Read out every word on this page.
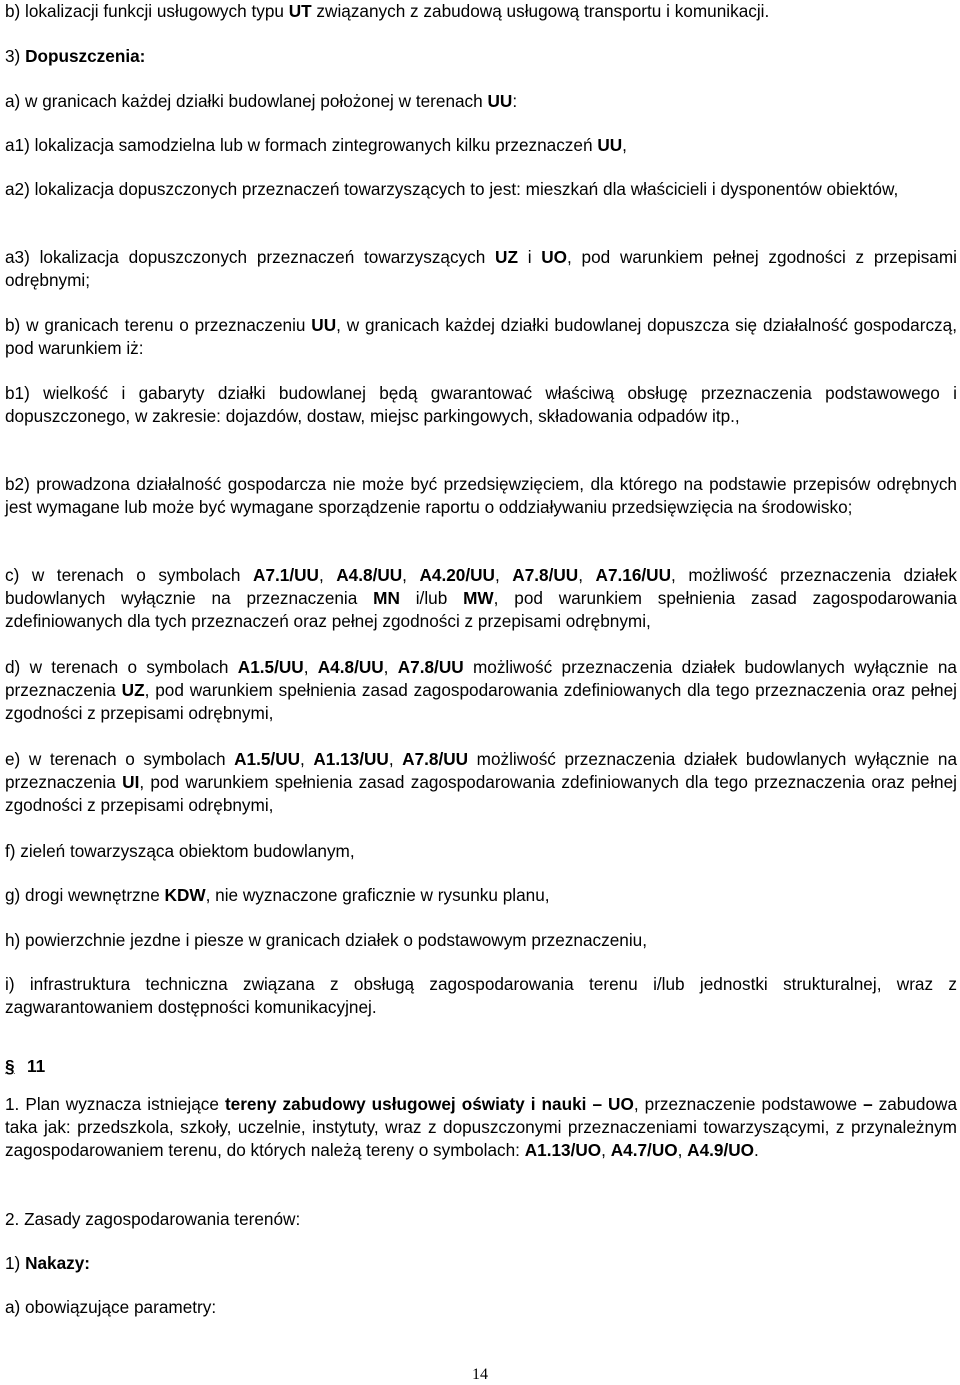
b) lokalizacji funkcji usługowych typu UT związanych z zabudową usługową transportu i komunikacji.

3) Dopuszczenia:

a) w granicach każdej działki budowlanej położonej w terenach UU:

a1) lokalizacja samodzielna lub w formach zintegrowanych kilku przeznaczeń UU,

a2) lokalizacja dopuszczonych przeznaczeń towarzyszących to jest: mieszkań dla właścicieli i dysponentów obiektów,

a3) lokalizacja dopuszczonych przeznaczeń towarzyszących UZ i UO, pod warunkiem pełnej zgodności z przepisami odrębnymi;

b) w granicach terenu o przeznaczeniu UU, w granicach każdej działki budowlanej dopuszcza się działalność gospodarczą, pod warunkiem iż:

b1) wielkość i gabaryty działki budowlanej będą gwarantować właściwą obsługę przeznaczenia podstawowego i dopuszczonego, w zakresie: dojazdów, dostaw, miejsc parkingowych, składowania odpadów itp.,

b2) prowadzona działalność gospodarcza nie może być przedsięwzięciem, dla którego na podstawie przepisów odrębnych jest wymagane lub może być wymagane sporządzenie raportu o oddziaływaniu przedsięwzięcia na środowisko;

c) w terenach o symbolach A7.1/UU, A4.8/UU, A4.20/UU, A7.8/UU, A7.16/UU, możliwość przeznaczenia działek budowlanych wyłącznie na przeznaczenia MN i/lub MW, pod warunkiem spełnienia zasad zagospodarowania zdefiniowanych dla tych przeznaczeń oraz pełnej zgodności z przepisami odrębnymi,

d) w terenach o symbolach A1.5/UU, A4.8/UU, A7.8/UU możliwość przeznaczenia działek budowlanych wyłącznie na przeznaczenia UZ, pod warunkiem spełnienia zasad zagospodarowania zdefiniowanych dla tego przeznaczenia oraz pełnej zgodności z przepisami odrębnymi,

e) w terenach o symbolach A1.5/UU, A1.13/UU, A7.8/UU możliwość przeznaczenia działek budowlanych wyłącznie na przeznaczenia UI, pod warunkiem spełnienia zasad zagospodarowania zdefiniowanych dla tego przeznaczenia oraz pełnej zgodności z przepisami odrębnymi,

f) zieleń towarzysząca obiektom budowlanym,

g) drogi wewnętrzne KDW, nie wyznaczone graficznie w rysunku planu,

h) powierzchnie jezdne i piesze w granicach działek o podstawowym przeznaczeniu,

i) infrastruktura techniczna związana z obsługą zagospodarowania terenu i/lub jednostki strukturalnej, wraz z zagwarantowaniem dostępności komunikacyjnej.

1. Plan wyznacza istniejące tereny zabudowy usługowej oświaty i nauki – UO, przeznaczenie podstawowe – zabudowa taka jak: przedszkola, szkoły, uczelnie, instytuty, wraz z dopuszczonymi przeznaczeniami towarzyszącymi, z przynależnym zagospodarowaniem terenu, do których należą tereny o symbolach: A1.13/UO, A4.7/UO, A4.9/UO.

2. Zasady zagospodarowania terenów:

1) Nakazy:

a) obowiązujące parametry:

§ 11
14
